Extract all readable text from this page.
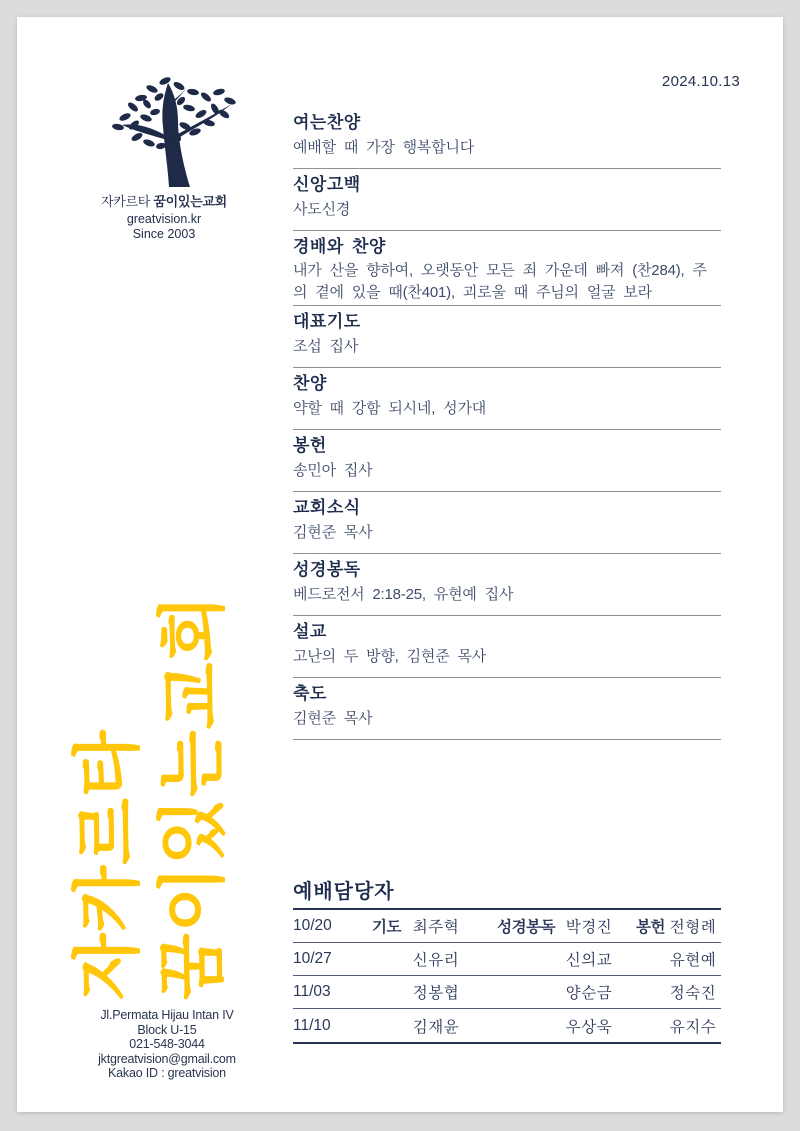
2024.10.13
자카르타 꿈이있는교회
greatvision.kr
Since 2003
여는찬양
예배할 때 가장 행복합니다
신앙고백
사도신경
경배와 찬양
내가 산을 향하여, 오랫동안 모든 죄 가운데 빠져 (찬284), 주의 곁에 있을 때(찬401), 괴로울 때 주님의 얼굴 보라
대표기도
조섭 집사
찬양
약할 때 강함 되시네, 성가대
봉헌
송민아 집사
교회소식
김현준 목사
성경봉독
베드로전서 2:18-25, 유현예 집사
설교
고난의 두 방향, 김현준 목사
축도
김현준 목사
예배담당자
10/20	기도 최주혁	성경봉독 박경진	봉헌 전형례
10/27	신유리	신의교	유현예
11/03	정봉협	양순금	정숙진
11/10	김재윤	우상욱	유지수
자카르타 꿈이있는교회
Jl.Permata Hijau Intan IV
Block U-15
021-548-3044
jktgreatvision@gmail.com
Kakao ID : greatvision
